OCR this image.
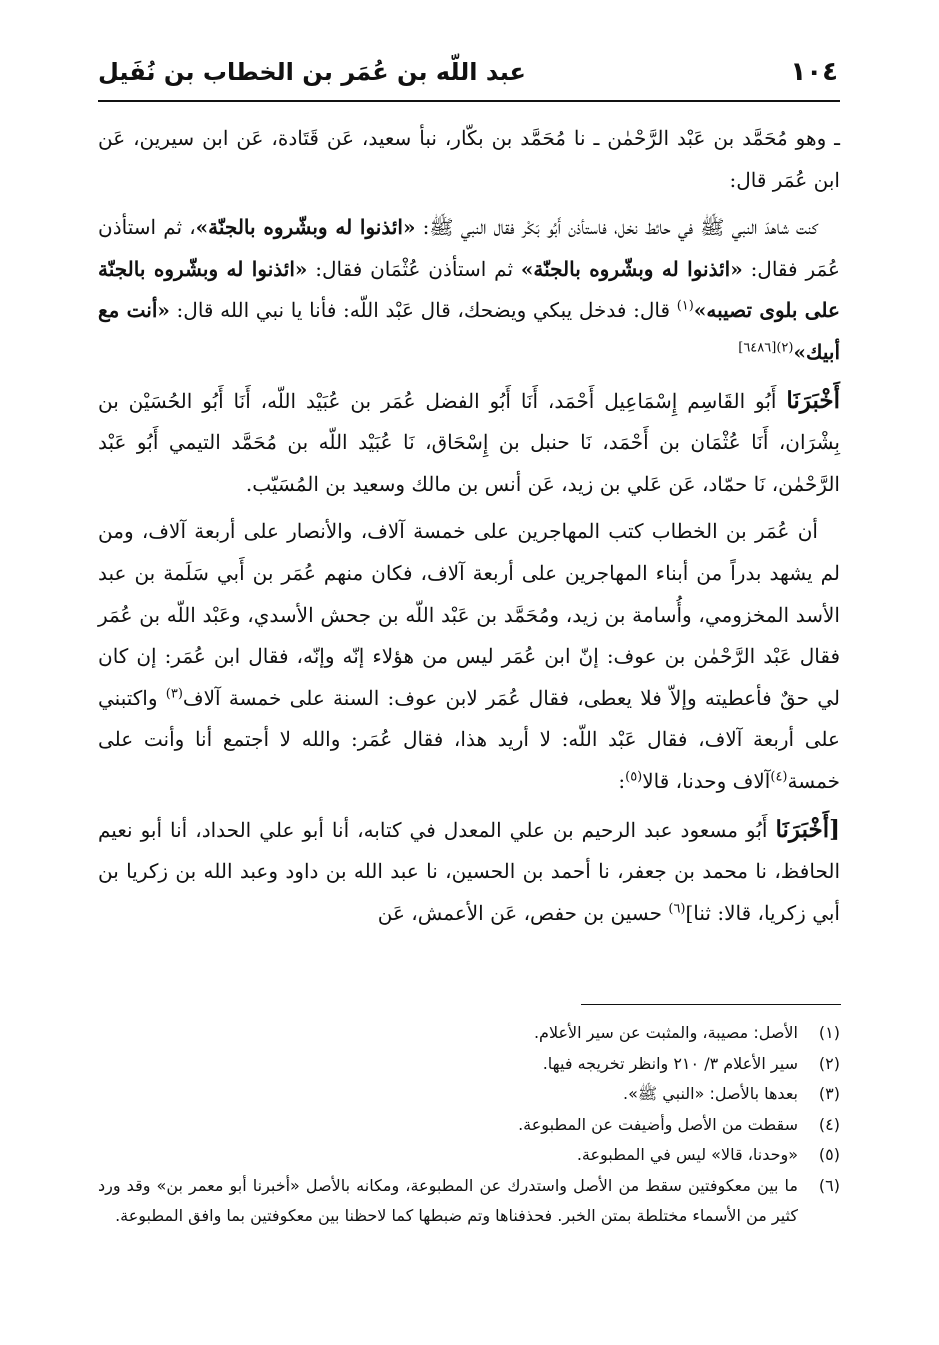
١٠٤
عبد اللّه بن عُمَر بن الخطاب بن نُفَيل

ـ وهو مُحَمَّد بن عَبْد الرَّحْمٰن ـ نا مُحَمَّد بن بكّار، نبأ سعيد، عَن قَتَادة، عَن ابن سيرين، عَن ابن عُمَر قال:

كنت شاهدَ النبي ﷺ في حائط نخل، فاستأذن أَبُو بَكْر فقال النبي ﷺ: «ائذنوا له وبشّروه بالجنّة»، ثم استأذن عُمَر فقال: «ائذنوا له وبشّروه بالجنّة» ثم استأذن عُثْمَان فقال: «ائذنوا له وبشّروه بالجنّة على بلوى تصيبه»$^{(١)}$ قال: فدخل يبكي ويضحك، قال عَبْد اللّه: فأنا يا نبي الله قال: «أنت مع أبيك»$^{(٢)[٦٤٨٦]}$

أَخْبَرَنَا أَبُو القَاسِم إِسْمَاعِيل أَحْمَد، أَنَا أَبُو الفضل عُمَر بن عُبَيْد اللّه، أَنَا أَبُو الحُسَيْن بن بِشْرَان، أَنَا عُثْمَان بن أَحْمَد، نَا حنبل بن إِسْحَاق، نَا عُبَيْد اللّه بن مُحَمَّد التيمي أَبُو عَبْد الرَّحْمٰن، نَا حمّاد، عَن عَلي بن زيد، عَن أنس بن مالك وسعيد بن المُسَيّب.

أن عُمَر بن الخطاب كتب المهاجرين على خمسة آلاف، والأنصار على أربعة آلاف، ومن لم يشهد بدراً من أبناء المهاجرين على أربعة آلاف، فكان منهم عُمَر بن أَبي سَلَمة بن عبد الأسد المخزومي، وأُسامة بن زيد، ومُحَمَّد بن عَبْد اللّه بن جحش الأسدي، وعَبْد اللّه بن عُمَر فقال عَبْد الرَّحْمٰن بن عوف: إنّ ابن عُمَر ليس من هؤلاء إنّه وإنّه، فقال ابن عُمَر: إن كان لي حقٌ فأعطيته وإلاّ فلا يعطى، فقال عُمَر لابن عوف: السنة على خمسة آلاف$^{(٣)}$ واكتبني على أربعة آلاف، فقال عَبْد اللّه: لا أريد هذا، فقال عُمَر: والله لا أجتمع أنا وأنت على خمسة$^{(٤)}$آلاف وحدنا، قالا$^{(٥)}$:

[أَخْبَرَنَا أَبُو مسعود عبد الرحيم بن علي المعدل في كتابه، أنا أبو علي الحداد، أنا أبو نعيم الحافظ، نا محمد بن جعفر، نا أحمد بن الحسين، نا عبد الله بن داود وعبد الله بن زكريا بن أبي زكريا، قالا: ثنا]$^{(٦)}$ حسين بن حفص، عَن الأعمش، عَن

(١)
الأصل: مصيبة، والمثبت عن سير الأعلام.
(٢)
سير الأعلام ٣/ ٢١٠ وانظر تخريجه فيها.
(٣)
بعدها بالأصل: «النبي ﷺ».
(٤)
سقطت من الأصل وأضيفت عن المطبوعة.
(٥)
«وحدنا، قالا» ليس في المطبوعة.
(٦)
ما بين معكوفتين سقط من الأصل واستدرك عن المطبوعة، ومكانه بالأصل «أخبرنا أبو معمر بن» وقد ورد كثير من الأسماء مختلطة بمتن الخبر. فحذفناها وتم ضبطها كما لاحظنا بين معكوفتين بما وافق المطبوعة.
